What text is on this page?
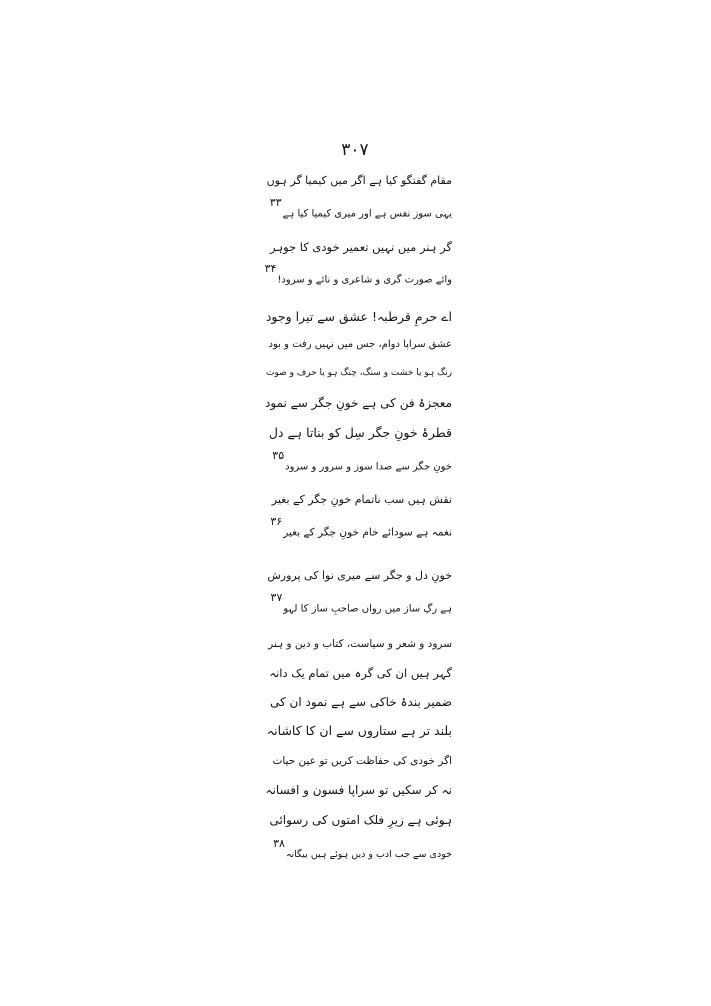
۳۰۷
مقام گفتگو کیا ہے اگر میں کیمیا گر ہوں
یہی سوز نفس ہے اور میری کیمیا کیا ہے$^{۳۳}$
گر ہنر میں نہیں تعمیر خودی کا جوہر
وائے صورت گری و شاعری و نائے و سرود!$^{۳۴}$
اے حرمِ قرطبہ! عشق سے تیرا وجود
عشق سراپا دوام، جس میں نہیں رفت و بود
رنگ ہو یا خشت و سنگ، چنگ ہو یا حرف و صوت
معجزۂ فن کی ہے خونِ جگر سے نمود
قطرۂ خونِ جگر سِل کو بناتا ہے دل
خونِ جگر سے صدا سوز و سرور و سرود$^{۳۵}$
نقش ہیں سب ناتمام خونِ جگر کے بغیر
نغمہ ہے سودائے خام خونِ جگر کے بغیر$^{۳۶}$
خونِ دل و جگر سے میری نوا کی پرورش
ہے رگِ ساز میں رواں صاحبِ ساز کا لہو$^{۳۷}$
سرود و شعر و سیاست، کتاب و دین و ہنر
گہر ہیں ان کی گرہ میں تمام یک دانہ
ضمیر بندۂ خاکی سے ہے نمود ان کی
بلند تر ہے ستاروں سے ان کا کاشانہ
اگر خودی کی حفاظت کریں تو عین حیات
نہ کر سکیں تو سراپا فسون و افسانہ
ہوئی ہے زیرِ فلک امتوں کی رسوائی
خودی سے جب ادب و دیں ہوئے ہیں بیگانہ$^{۳۸}$
